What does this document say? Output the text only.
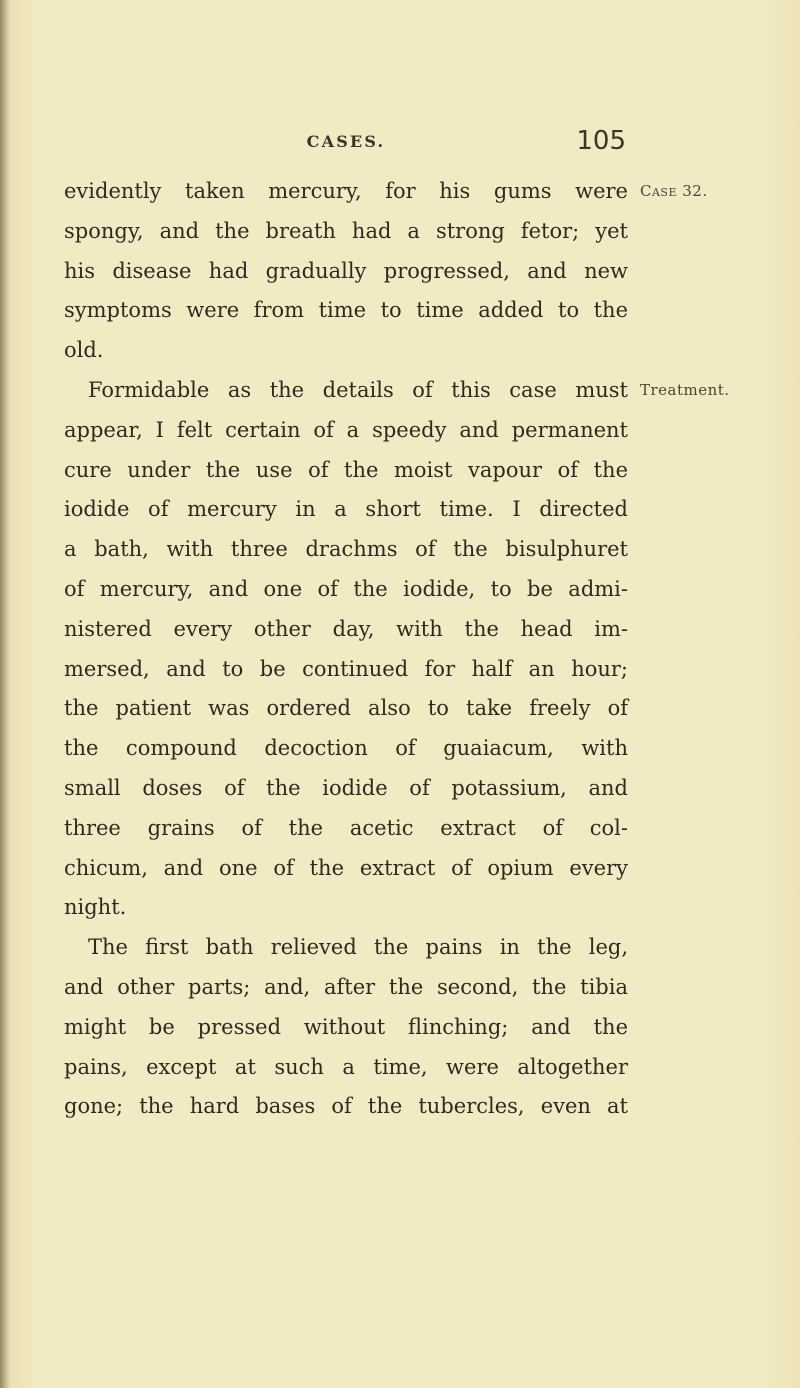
CASES.	105
Case 32.
Treatment.
evidently taken mercury, for his gums were
spongy, and the breath had a strong fetor; yet
his disease had gradually progressed, and new
symptoms were from time to time added to the
old.
Formidable as the details of this case must
appear, I felt certain of a speedy and permanent
cure under the use of the moist vapour of the
iodide of mercury in a short time. I directed
a bath, with three drachms of the bisulphuret
of mercury, and one of the iodide, to be admi-
nistered every other day, with the head im-
mersed, and to be continued for half an hour;
the patient was ordered also to take freely of
the compound decoction of guaiacum, with
small doses of the iodide of potassium, and
three grains of the acetic extract of col-
chicum, and one of the extract of opium every
night.
The first bath relieved the pains in the leg,
and other parts; and, after the second, the tibia
might be pressed without flinching; and the
pains, except at such a time, were altogether
gone; the hard bases of the tubercles, even at
